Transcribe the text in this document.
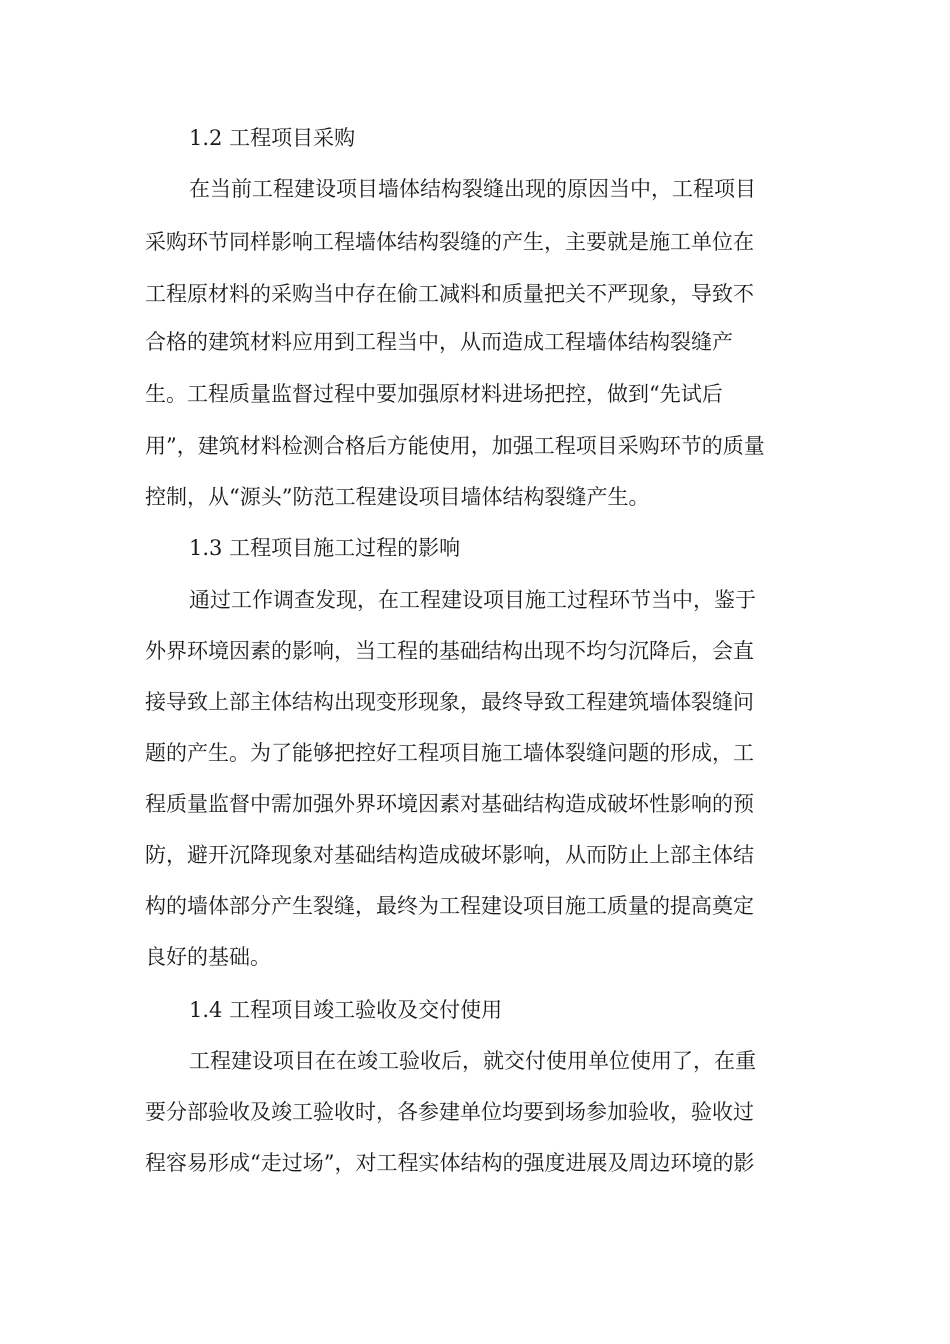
1.2 工程项目采购

在当前工程建设项目墙体结构裂缝出现的原因当中，工程项目

采购环节同样影响工程墙体结构裂缝的产生，主要就是施工单位在

工程原材料的采购当中存在偷工减料和质量把关不严现象，导致不

合格的建筑材料应用到工程当中，从而造成工程墙体结构裂缝产

生。工程质量监督过程中要加强原材料进场把控，做到“先试后

用”，建筑材料检测合格后方能使用，加强工程项目采购环节的质量

控制，从“源头”防范工程建设项目墙体结构裂缝产生。

1.3 工程项目施工过程的影响

通过工作调查发现，在工程建设项目施工过程环节当中，鉴于

外界环境因素的影响，当工程的基础结构出现不均匀沉降后，会直

接导致上部主体结构出现变形现象，最终导致工程建筑墙体裂缝问

题的产生。为了能够把控好工程项目施工墙体裂缝问题的形成，工

程质量监督中需加强外界环境因素对基础结构造成破坏性影响的预

防，避开沉降现象对基础结构造成破坏影响，从而防止上部主体结

构的墙体部分产生裂缝，最终为工程建设项目施工质量的提高奠定

良好的基础。

1.4 工程项目竣工验收及交付使用

工程建设项目在在竣工验收后，就交付使用单位使用了，在重

要分部验收及竣工验收时，各参建单位均要到场参加验收，验收过

程容易形成“走过场”，对工程实体结构的强度进展及周边环境的影
